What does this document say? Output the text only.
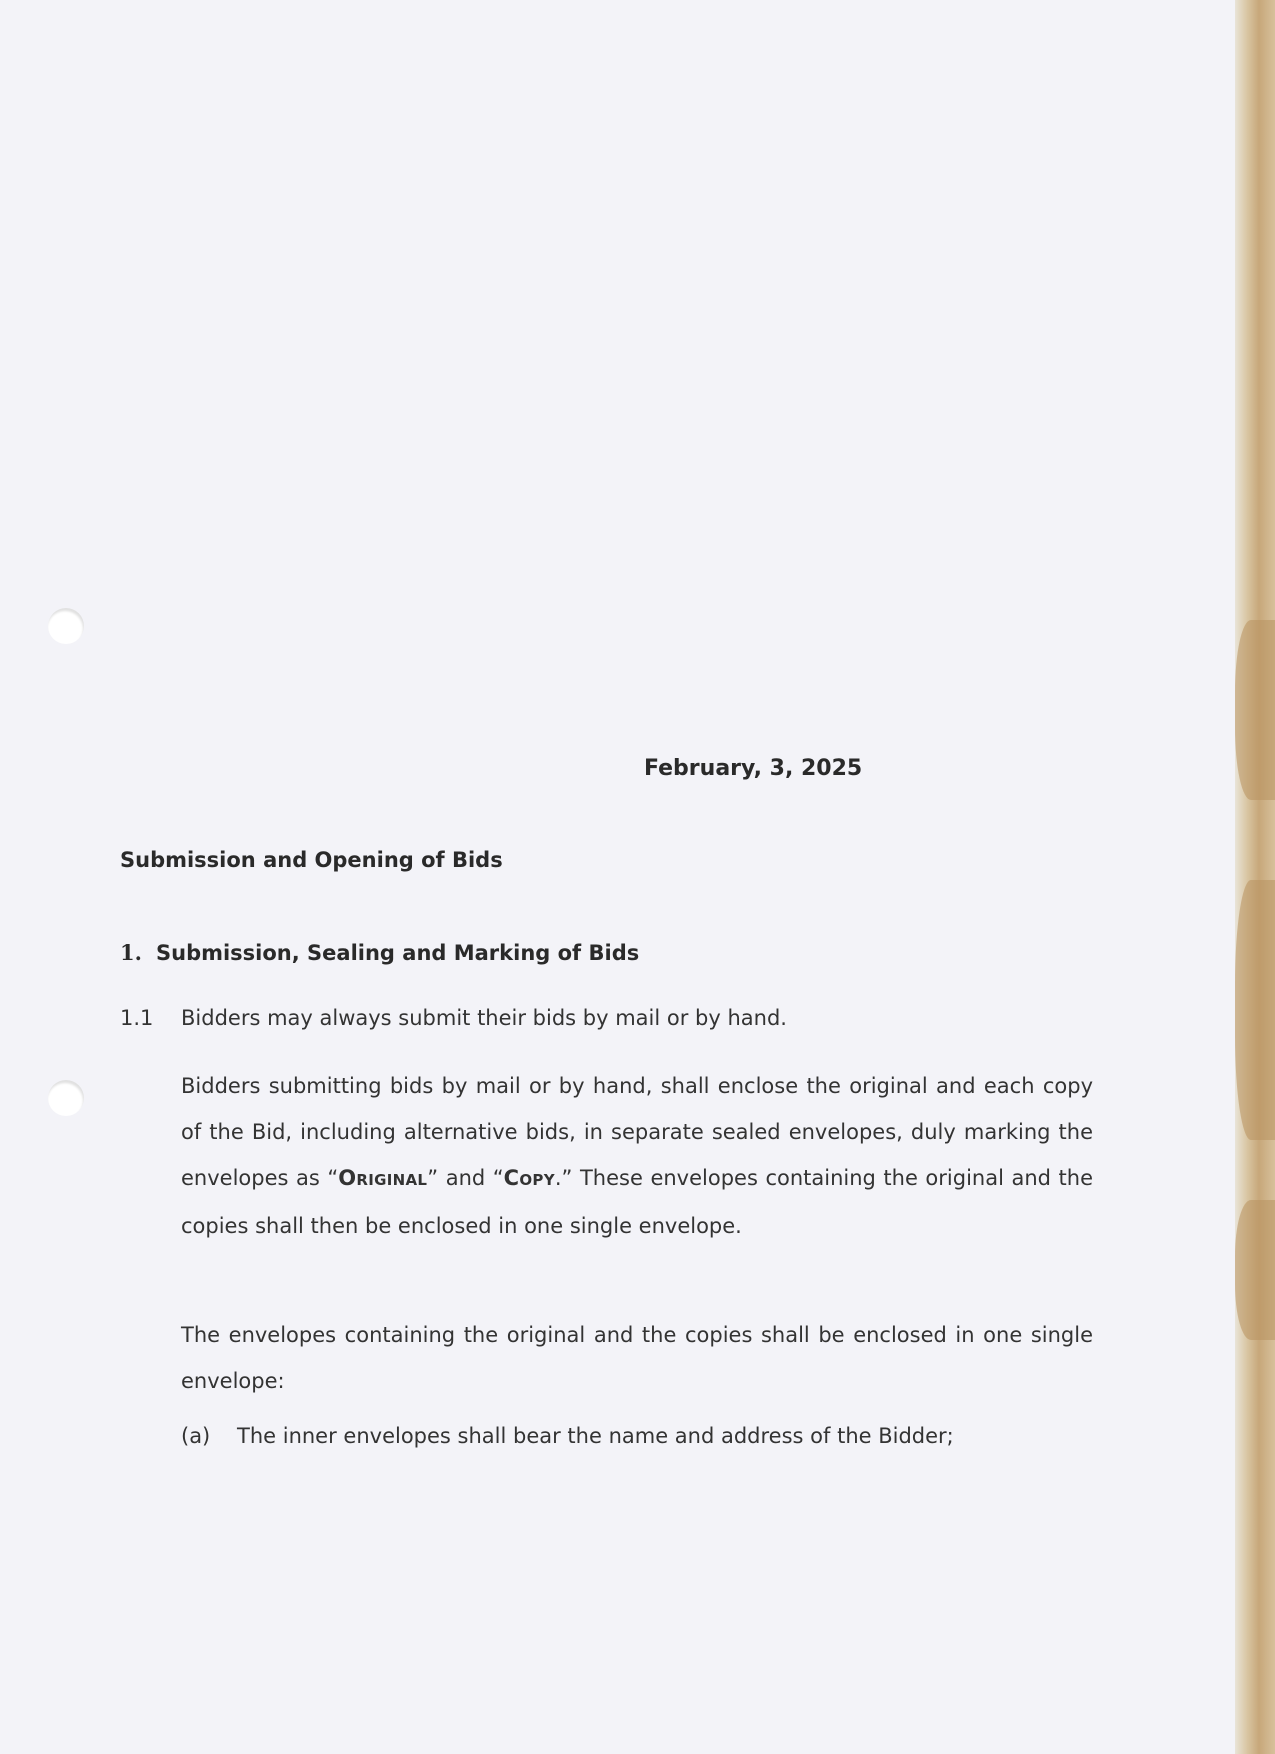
February, 3, 2025
Submission and Opening of Bids
1. Submission, Sealing and Marking of Bids
1.1 Bidders may always submit their bids by mail or by hand.
Bidders submitting bids by mail or by hand, shall enclose the original and each copy of the Bid, including alternative bids, in separate sealed envelopes, duly marking the envelopes as “ORIGINAL” and “COPY.” These envelopes containing the original and the copies shall then be enclosed in one single envelope.
The envelopes containing the original and the copies shall be enclosed in one single envelope:
(a) The inner envelopes shall bear the name and address of the Bidder;
